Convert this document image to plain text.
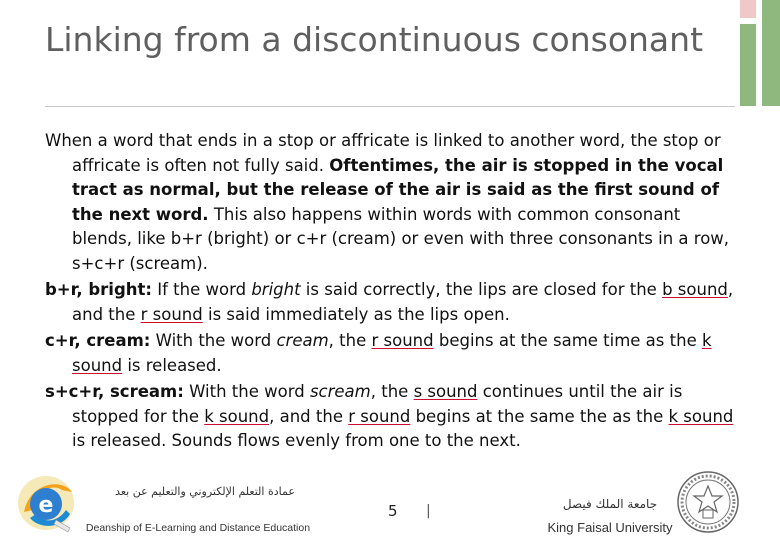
Linking from a discontinuous consonant

When a word that ends in a stop or affricate is linked to another word, the stop or affricate is often not fully said. Oftentimes, the air is stopped in the vocal tract as normal, but the release of the air is said as the first sound of the next word. This also happens within words with common consonant blends, like b+r (bright) or c+r (cream) or even with three consonants in a row, s+c+r (scream).

b+r, bright: If the word bright is said correctly, the lips are closed for the b sound, and the r sound is said immediately as the lips open.

c+r, cream: With the word cream, the r sound begins at the same time as the k sound is released.

s+c+r, scream: With the word scream, the s sound continues until the air is stopped for the k sound, and the r sound begins at the same the as the k sound is released. Sounds flows evenly from one to the next.

e
عمادة التعلم الإلكتروني والتعليم عن بعد
Deanship of E-Learning and Distance Education
5 |	جامعة الملك فيصل
King Faisal University
